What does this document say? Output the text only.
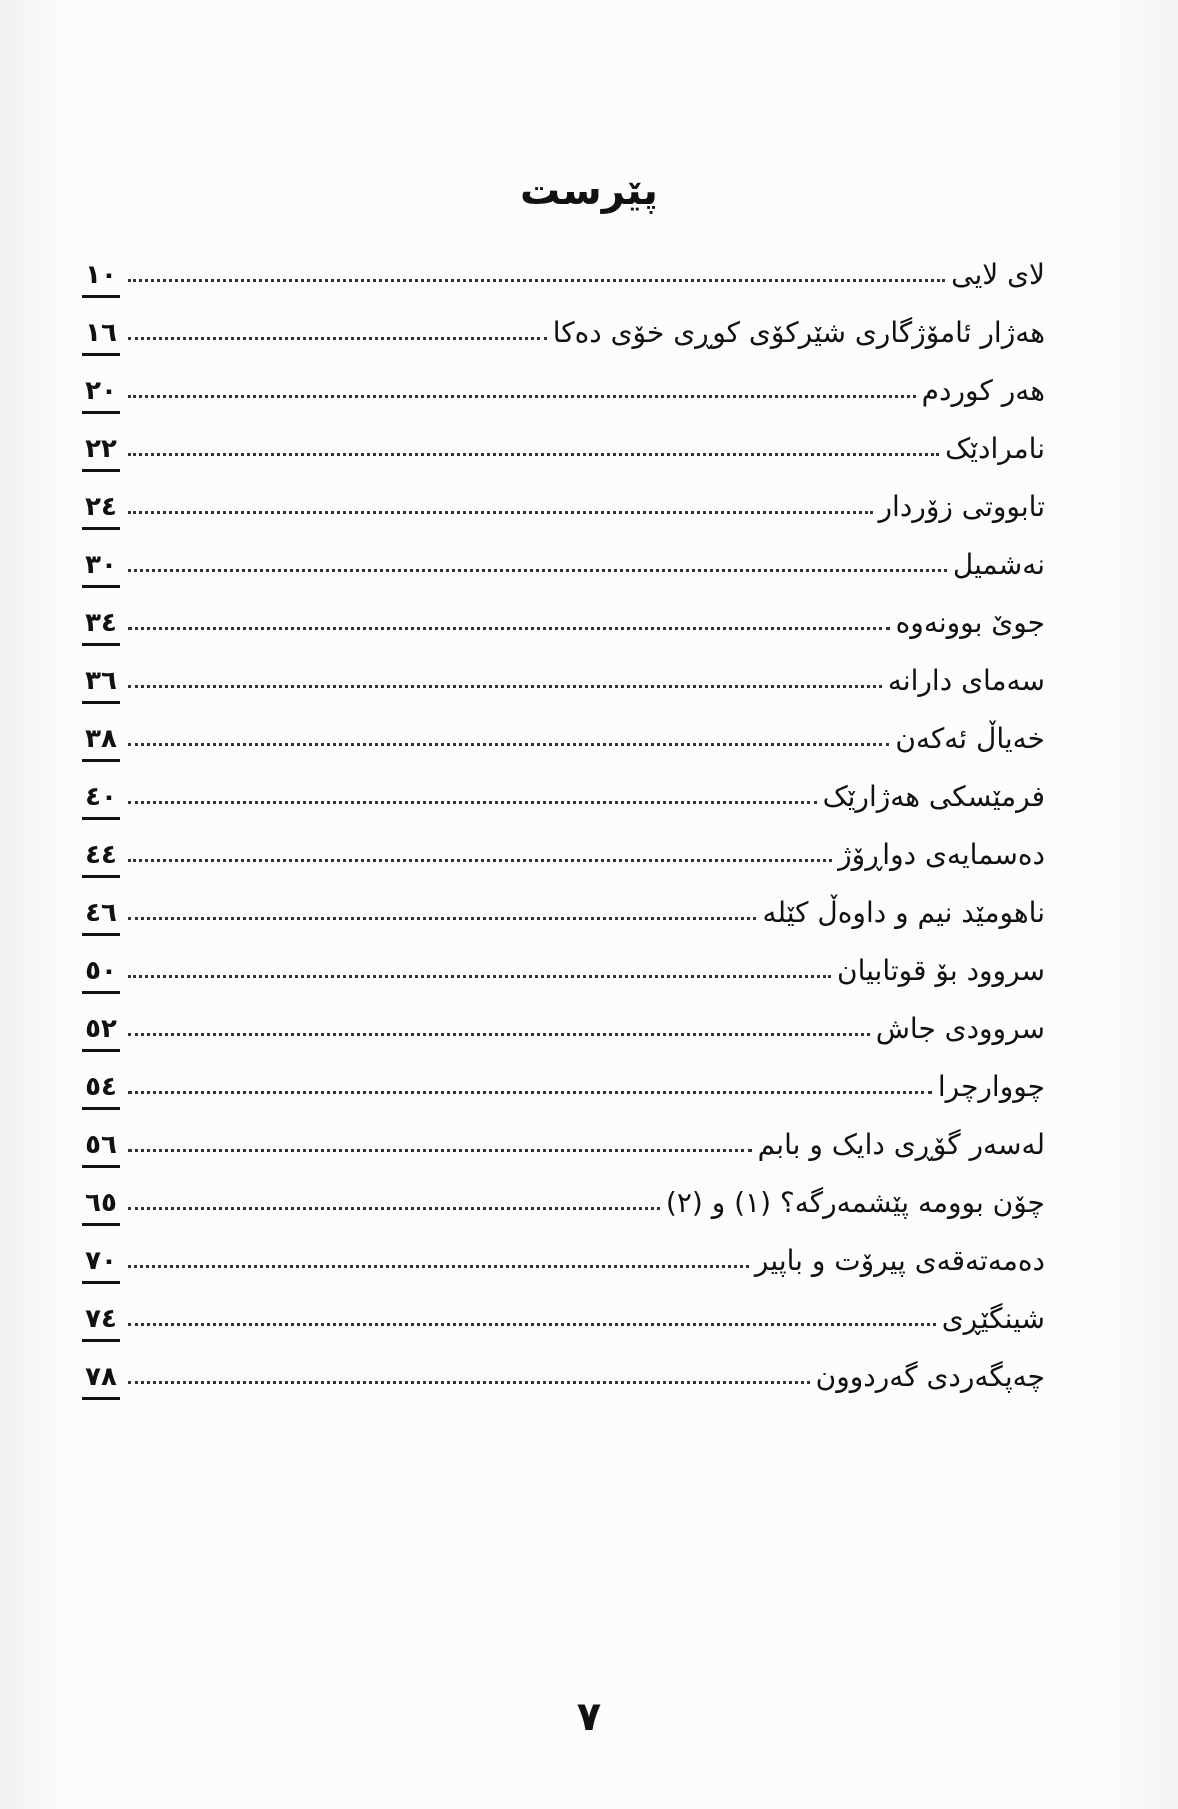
پێرست
١٠	لای لایی
١٦	هەژار ئامۆژگاری شێرکۆی کوڕی خۆی دەکا
٢٠	هەر کوردم
٢٢	نامرادێک
٢٤	تابووتی زۆردار
٣٠	نەشمیل
٣٤	جوێ بوونەوە
٣٦	سەمای دارانە
٣٨	خەیاڵ ئەکەن
٤٠	فرمێسکی هەژارێک
٤٤	دەسمایەی دواڕۆژ
٤٦	ناهومێد نیم و داوەڵ کێلە
٥٠	سروود بۆ قوتابیان
٥٢	سروودی جاش
٥٤	چووارچرا
٥٦	لەسەر گۆڕی دایک و بابم
٦٥	چۆن بوومە پێشمەرگە؟ (١) و (٢)
٧٠	دەمەتەقەی پیرۆت و باپیر
٧٤	شینگێڕی
٧٨	چەپگەردی گەردوون
٧
